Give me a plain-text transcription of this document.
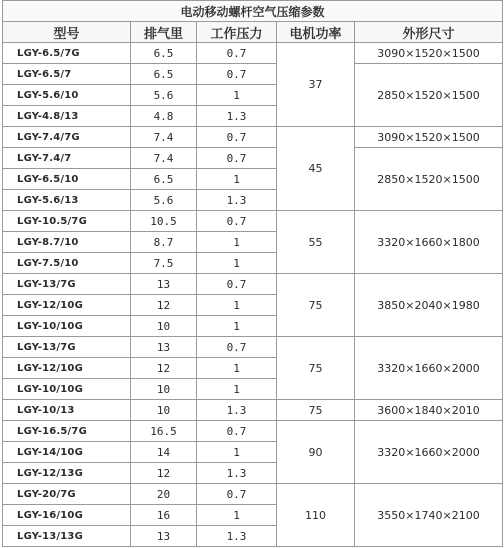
电动移动螺杆空气压缩参数				
型号	排气里	工作压力	电机功率	外形尺寸
LGY-6.5/7G	6.5	0.7	37	3090×1520×1500
LGY-6.5/7	6.5	0.7		2850×1520×1500
LGY-5.6/10	5.6	1		
LGY-4.8/13	4.8	1.3		
LGY-7.4/7G	7.4	0.7	45	3090×1520×1500
LGY-7.4/7	7.4	0.7		2850×1520×1500
LGY-6.5/10	6.5	1		
LGY-5.6/13	5.6	1.3		
LGY-10.5/7G	10.5	0.7	55	3320×1660×1800
LGY-8.7/10	8.7	1		
LGY-7.5/10	7.5	1		
LGY-13/7G	13	0.7	75	3850×2040×1980
LGY-12/10G	12	1		
LGY-10/10G	10	1		
LGY-13/7G	13	0.7	75	3320×1660×2000
LGY-12/10G	12	1		
LGY-10/10G	10	1		
LGY-10/13	10	1.3	75	3600×1840×2010
LGY-16.5/7G	16.5	0.7	90	3320×1660×2000
LGY-14/10G	14	1		
LGY-12/13G	12	1.3		
LGY-20/7G	20	0.7	110	3550×1740×2100
LGY-16/10G	16	1		
LGY-13/13G	13	1.3		
